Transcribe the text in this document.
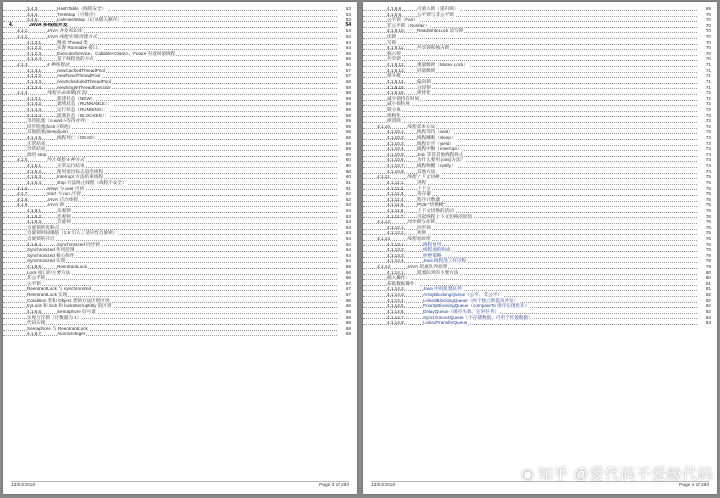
3.4.3.	HashTable（线程安全）	53
3.4.4.	TreeMap（可排序）	53
3.4.5.	LinkHashMap（记录插入顺序）	53
4.	JAVA 多线程并发	54
4.1.1.	JAVA 并发知识库	54
4.1.2.	JAVA 线程实现/创建方式	54
4.1.2.1.	继承 Thread 类	54
4.1.2.2.	实现 Runnable 接口。	54
4.1.2.3.	ExecutorService、Callable<Class>、Future 有返回值线程	55
4.1.2.4.	基于线程池的方式	56
4.1.3.	4 种线程池	56
4.1.3.1.	newCachedThreadPool	57
4.1.3.2.	newFixedThreadPool	57
4.1.3.3.	newScheduledThreadPool	58
4.1.3.4.	newSingleThreadExecutor	58
4.1.4.	线程生命周期(状态)	58
4.1.4.1.	新建状态（NEW）	58
4.1.4.2.	就绪状态（RUNNABLE）：	59
4.1.4.3.	运行状态（RUNNING）：	59
4.1.4.4.	阻塞状态（BLOCKED）：	59
等待阻塞（o.wait->等待对列）：	59
同步阻塞(lock->锁池)	59
其他阻塞(sleep/join)	59
4.1.4.5.	线程死亡（DEAD）	59
正常结束	59
异常结束	59
调用 stop	59
4.1.5.	终止线程 4 种方式	60
4.1.5.1.	正常运行结束	60
4.1.5.2.	使用退出标志退出线程	60
4.1.5.3.	Interrupt 方法结束线程	60
4.1.5.4.	stop 方法终止线程（线程不安全）	61
4.1.6.	sleep 与 wait 区别	61
4.1.7.	start 与 run 区别	62
4.1.8.	JAVA 后台线程	62
4.1.9.	JAVA 锁	63
4.1.9.1.	乐观锁	63
4.1.9.2.	悲观锁	63
4.1.9.3.	自旋锁	63
自旋锁的优缺点	63
自旋锁时间阈值（1.6 引入了适应性自旋锁）	63
自旋锁的开启	64
4.1.9.4.	Synchronized 同步锁	64
Synchronized 作用范围	64
Synchronized 核心组件	64
Synchronized 实现	64
4.1.9.5.	ReentrantLock	66
Lock 接口的主要方法	66
非公平锁	66
公平锁	67
ReentrantLock 与 synchronized	67
ReentrantLock 实现	67
Condition 类和 Object 类锁方法区别区别	68
tryLock 和 lock 和 lockInterruptibly 的区别	68
4.1.9.6.	Semaphore 信号量	68
实现互斥锁（计数器为 1）	68
代码实现	68
Semaphore 与 ReentrantLock	69
4.1.9.7.	AtomicInteger	69
13/04/2018	Page 3 of 283
4.1.9.8.	可重入锁（递归锁）	69
4.1.9.9.	公平锁与非公平锁	70
公平锁（Fair）	70
非公平锁（Nonfair）	70
4.1.9.10.	ReadWriteLock 读写锁	70
读锁	70
写锁	70
4.1.9.11.	共享锁和独占锁	70
独占锁	70
共享锁	70
4.1.9.12.	重量级锁（Mutex Lock）	71
4.1.9.13.	轻量级锁	71
锁升级	71
4.1.9.14.	偏向锁	71
4.1.9.15.	分段锁	71
4.1.9.16.	锁优化	72
减少锁持有时间	72
减小锁粒度	72
锁分离	72
锁粗化	72
锁消除	72
4.1.10.	线程基本方法	72
4.1.10.1.	线程等待（wait）	73
4.1.10.2.	线程睡眠（sleep）	73
4.1.10.3.	线程让步（yield）	73
4.1.10.4.	线程中断（interrupt）	73
4.1.10.5.	Join 等待其他线程终止	74
4.1.10.6.	为什么要用 join()方法？	74
4.1.10.7.	线程唤醒（notify）	74
4.1.10.8.	其他方法：	74
4.1.11.	线程上下文切换	75
4.1.11.1.	进程	75
4.1.11.2.	上下文	75
4.1.11.3.	寄存器	75
4.1.11.4.	程序计数器	75
4.1.11.5.	PCB-"切换帧"	75
4.1.11.6.	上下文切换的活动	76
4.1.11.7.	引起线程上下文切换的原因	76
4.1.12.	同步锁与死锁	76
4.1.12.1.	同步锁	76
4.1.12.2.	死锁	76
4.1.13.	线程池原理	76
4.1.13.1.	线程复用	76
4.1.13.2.	线程池的组成	76
4.1.13.3.	拒绝策略	78
4.1.13.4.	Java 线程池工作过程	78
4.1.14.	JAVA 阻塞队列原理	79
4.1.14.1.	阻塞队列的主要方法	80
插入操作：	80
获取数据操作：	81
4.1.14.2.	Java 中的阻塞队列	81
4.1.14.3.	ArrayBlockingQueue（公平、非公平）	82
4.1.14.4.	LinkedBlockingQueue（两个独立锁提高并发）	82
4.1.14.5.	PriorityBlockingQueue（compareTo 排序实现优先）	82
4.1.14.6.	DelayQueue（缓存失效、定时任务）	82
4.1.14.7.	SynchronousQueue（不存储数据、可用于传递数据）	83
4.1.14.8.	LinkedTransferQueue	83
13/04/2018	Page 4 of 283
◉ 知乎 @爱代码不爱敲代码
